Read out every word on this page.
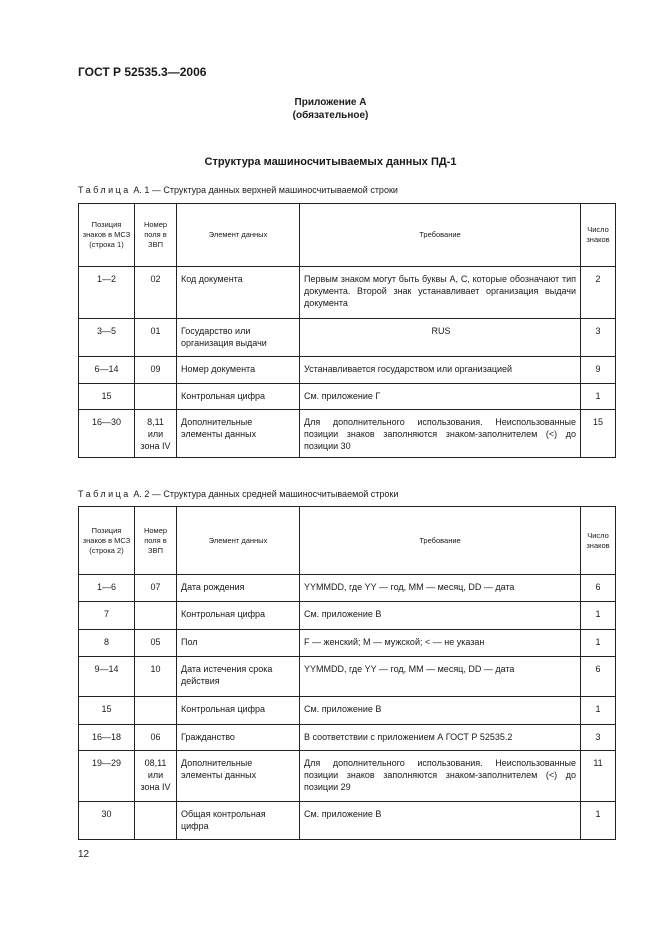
ГОСТ Р 52535.3—2006
Приложение А
(обязательное)
Структура машиносчитываемых данных ПД-1
Таблица А. 1 — Структура данных верхней машиносчитываемой строки
Позиция знаков в МСЗ
(строка 1)	Номер поля в ЗВП	Элемент данных	Требование	Число знаков
1—2	02	Код документа	Первым знаком могут быть буквы А, С, которые обозначают тип документа. Второй знак устанавливает организация выдачи документа	2
3—5	01	Государство или организация выдачи	RUS	3
6—14	09	Номер документа	Устанавливается государством или организацией	9
15		Контрольная цифра	См. приложение Г	1
16—30	8,11 или зона IV	Дополнительные элементы данных	Для дополнительного использования. Неиспользованные позиции знаков заполняются знаком-заполнителем (<) до позиции 30	15
Таблица А. 2 — Структура данных средней машиносчитываемой строки
Позиция знаков в МСЗ
(строка 2)	Номер поля в ЗВП	Элемент данных	Требование	Число знаков
1—6	07	Дата рождения	YYMMDD, где YY — год, MM — месяц, DD — дата	6
7		Контрольная цифра	См. приложение В	1
8	05	Пол	F — женский; М — мужской; < — не указан	1
9—14	10	Дата истечения срока действия	YYMMDD, где YY — год, MM — месяц, DD — дата	6
15		Контрольная цифра	См. приложение В	1
16—18	06	Гражданство	В соответствии с приложением А ГОСТ Р 52535.2	3
19—29	08,11 или зона IV	Дополнительные элементы данных	Для дополнительного использования. Неиспользованные позиции знаков заполняются знаком-заполнителем (<) до позиции 29	11
30		Общая контрольная цифра	См. приложение В	1
12
